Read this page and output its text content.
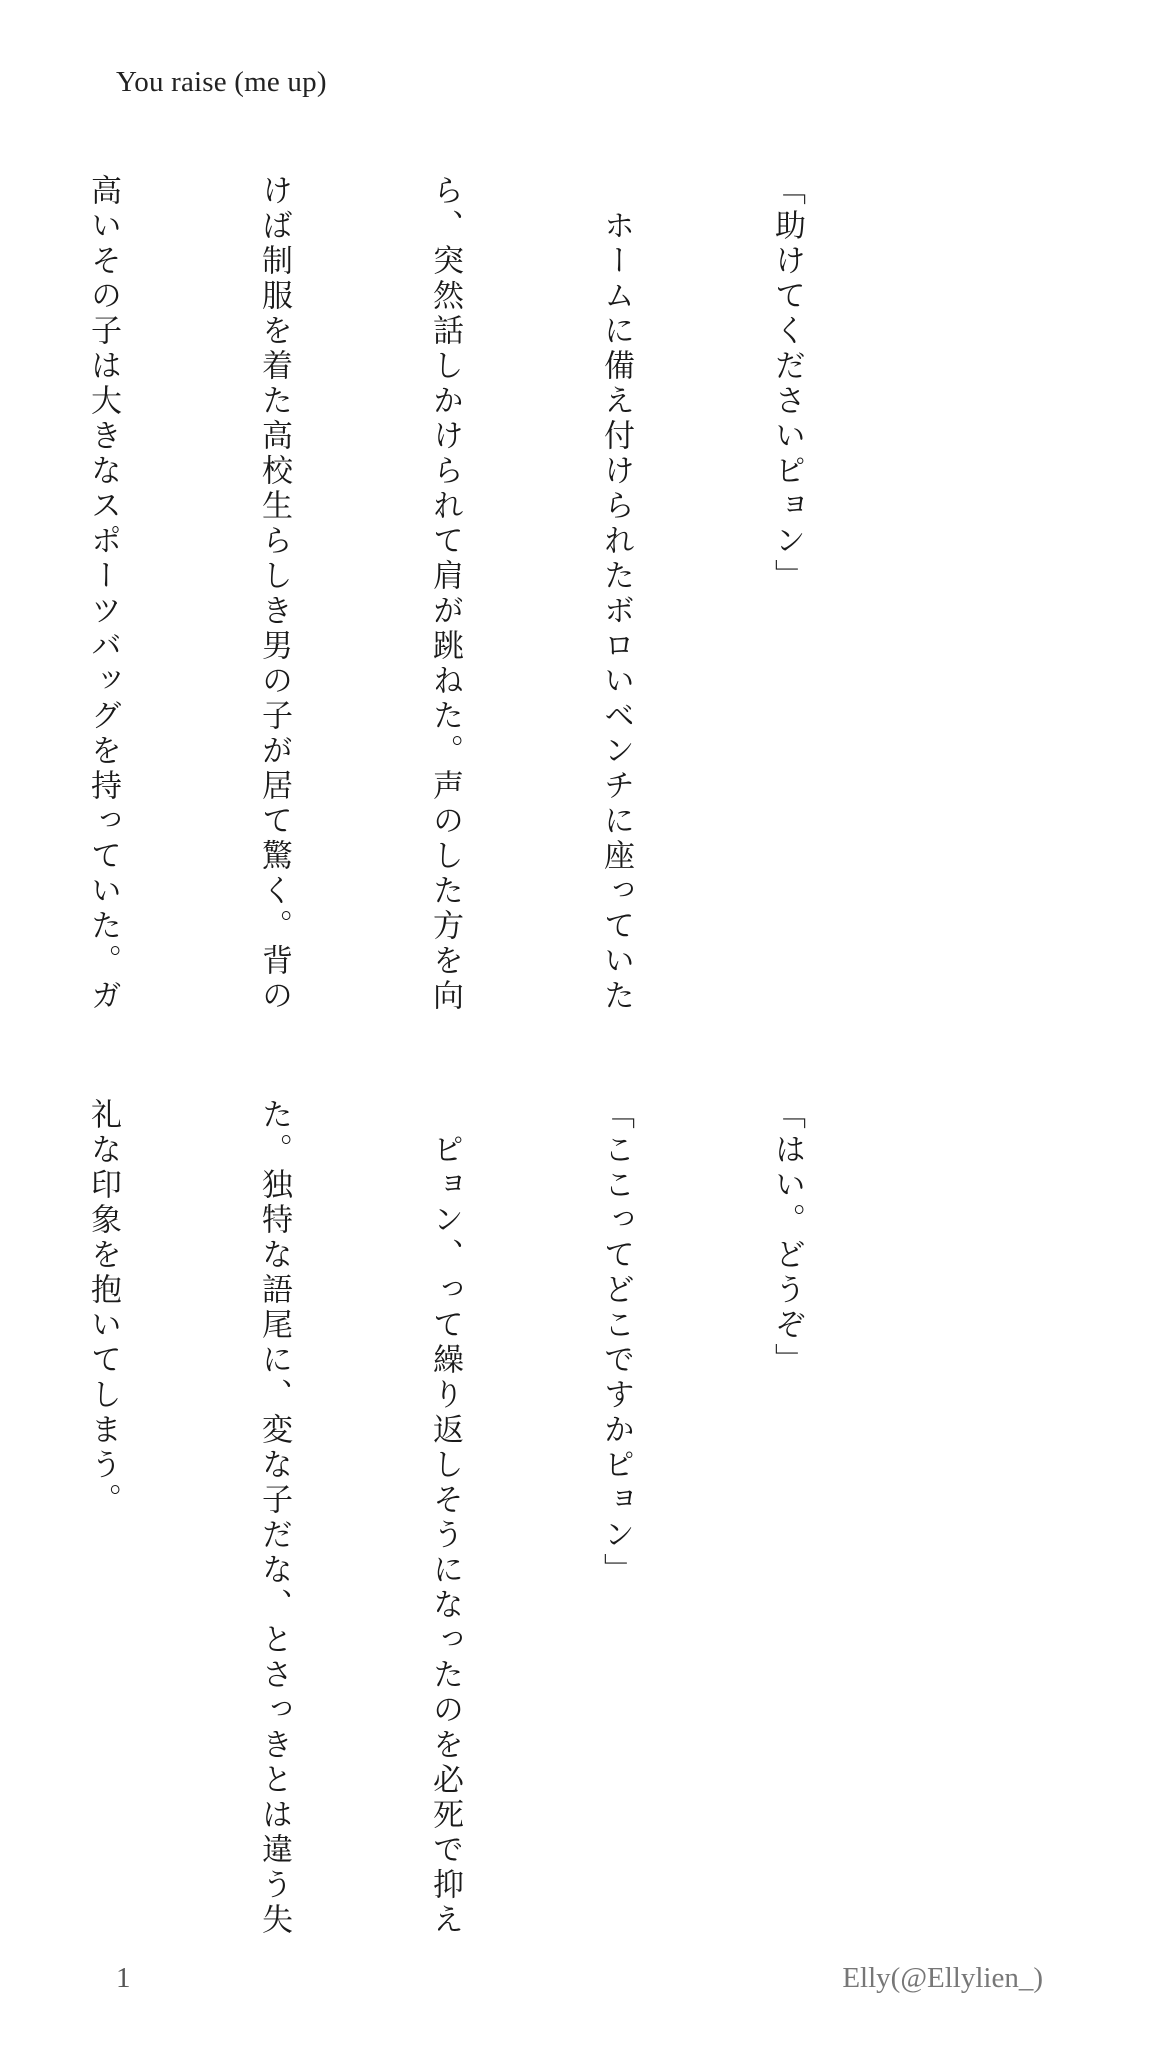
You raise (me up)

「助けてくださいピョン」

　ホームに備え付けられたボロいベンチに座っていた

ら、突然話しかけられて肩が跳ねた。声のした方を向

けば制服を着た高校生らしき男の子が居て驚く。背の

高いその子は大きなスポーツバッグを持っていた。ガ

「はい。どうぞ」

「ここってどこですかピョン」

　ピョン、って繰り返しそうになったのを必死で抑え

た。独特な語尾に、変な子だな、とさっきとは違う失

礼な印象を抱いてしまう。

1	Elly(@Ellylien_)
